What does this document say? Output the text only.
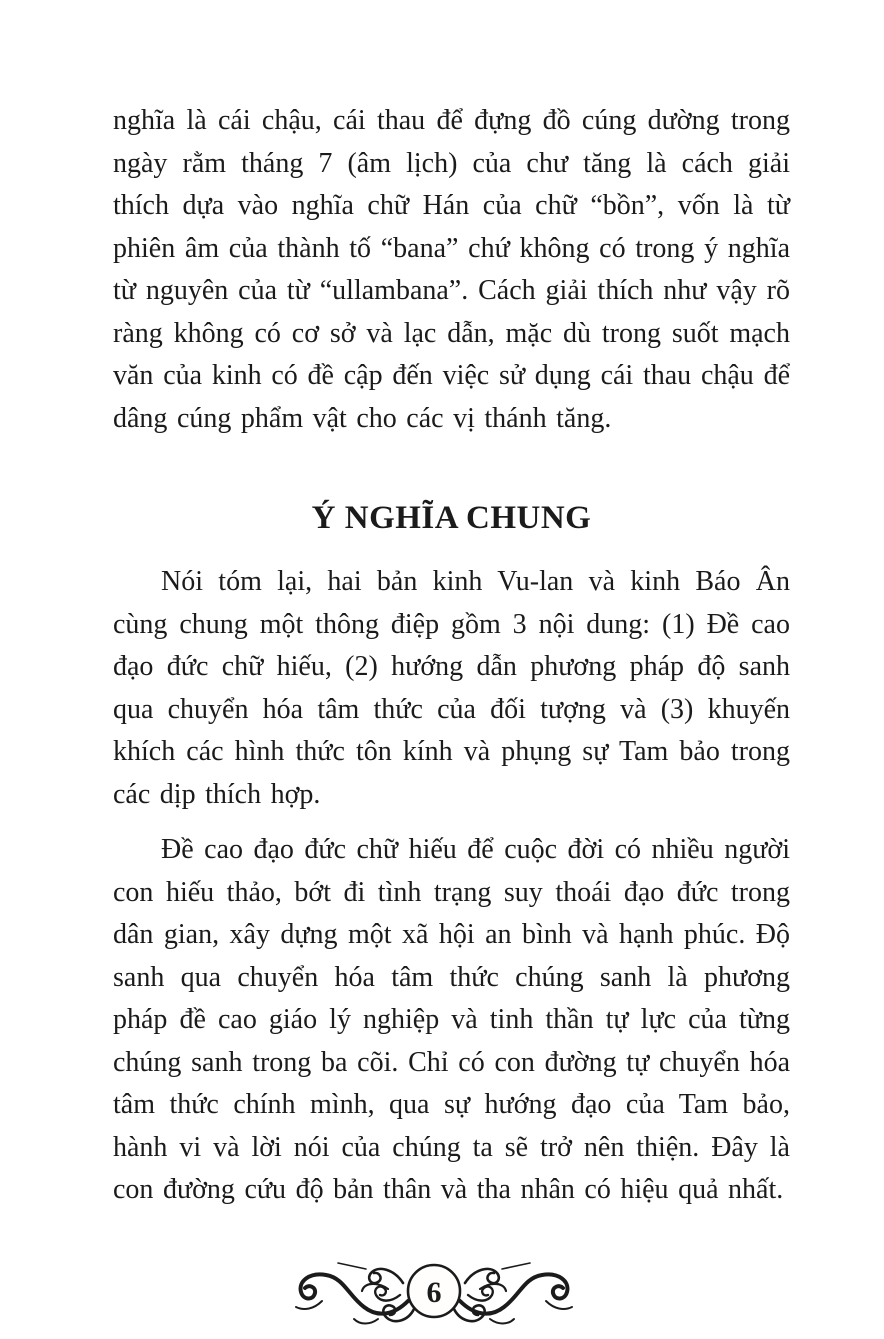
nghĩa là cái chậu, cái thau để đựng đồ cúng dường trong ngày rằm tháng 7 (âm lịch) của chư tăng là cách giải thích dựa vào nghĩa chữ Hán của chữ “bồn”, vốn là từ phiên âm của thành tố “bana” chứ không có trong ý nghĩa từ nguyên của từ “ullambana”. Cách giải thích như vậy rõ ràng không có cơ sở và lạc dẫn, mặc dù trong suốt mạch văn của kinh có đề cập đến việc sử dụng cái thau chậu để dâng cúng phẩm vật cho các vị thánh tăng.

Ý NGHĨA CHUNG

Nói tóm lại, hai bản kinh Vu-lan và kinh Báo Ân cùng chung một thông điệp gồm 3 nội dung: (1) Đề cao đạo đức chữ hiếu, (2) hướng dẫn phương pháp độ sanh qua chuyển hóa tâm thức của đối tượng và (3) khuyến khích các hình thức tôn kính và phụng sự Tam bảo trong các dịp thích hợp.

Đề cao đạo đức chữ hiếu để cuộc đời có nhiều người con hiếu thảo, bớt đi tình trạng suy thoái đạo đức trong dân gian, xây dựng một xã hội an bình và hạnh phúc. Độ sanh qua chuyển hóa tâm thức chúng sanh là phương pháp đề cao giáo lý nghiệp và tinh thần tự lực của từng chúng sanh trong ba cõi. Chỉ có con đường tự chuyển hóa tâm thức chính mình, qua sự hướng đạo của Tam bảo, hành vi và lời nói của chúng ta sẽ trở nên thiện. Đây là con đường cứu độ bản thân và tha nhân có hiệu quả nhất.

6
